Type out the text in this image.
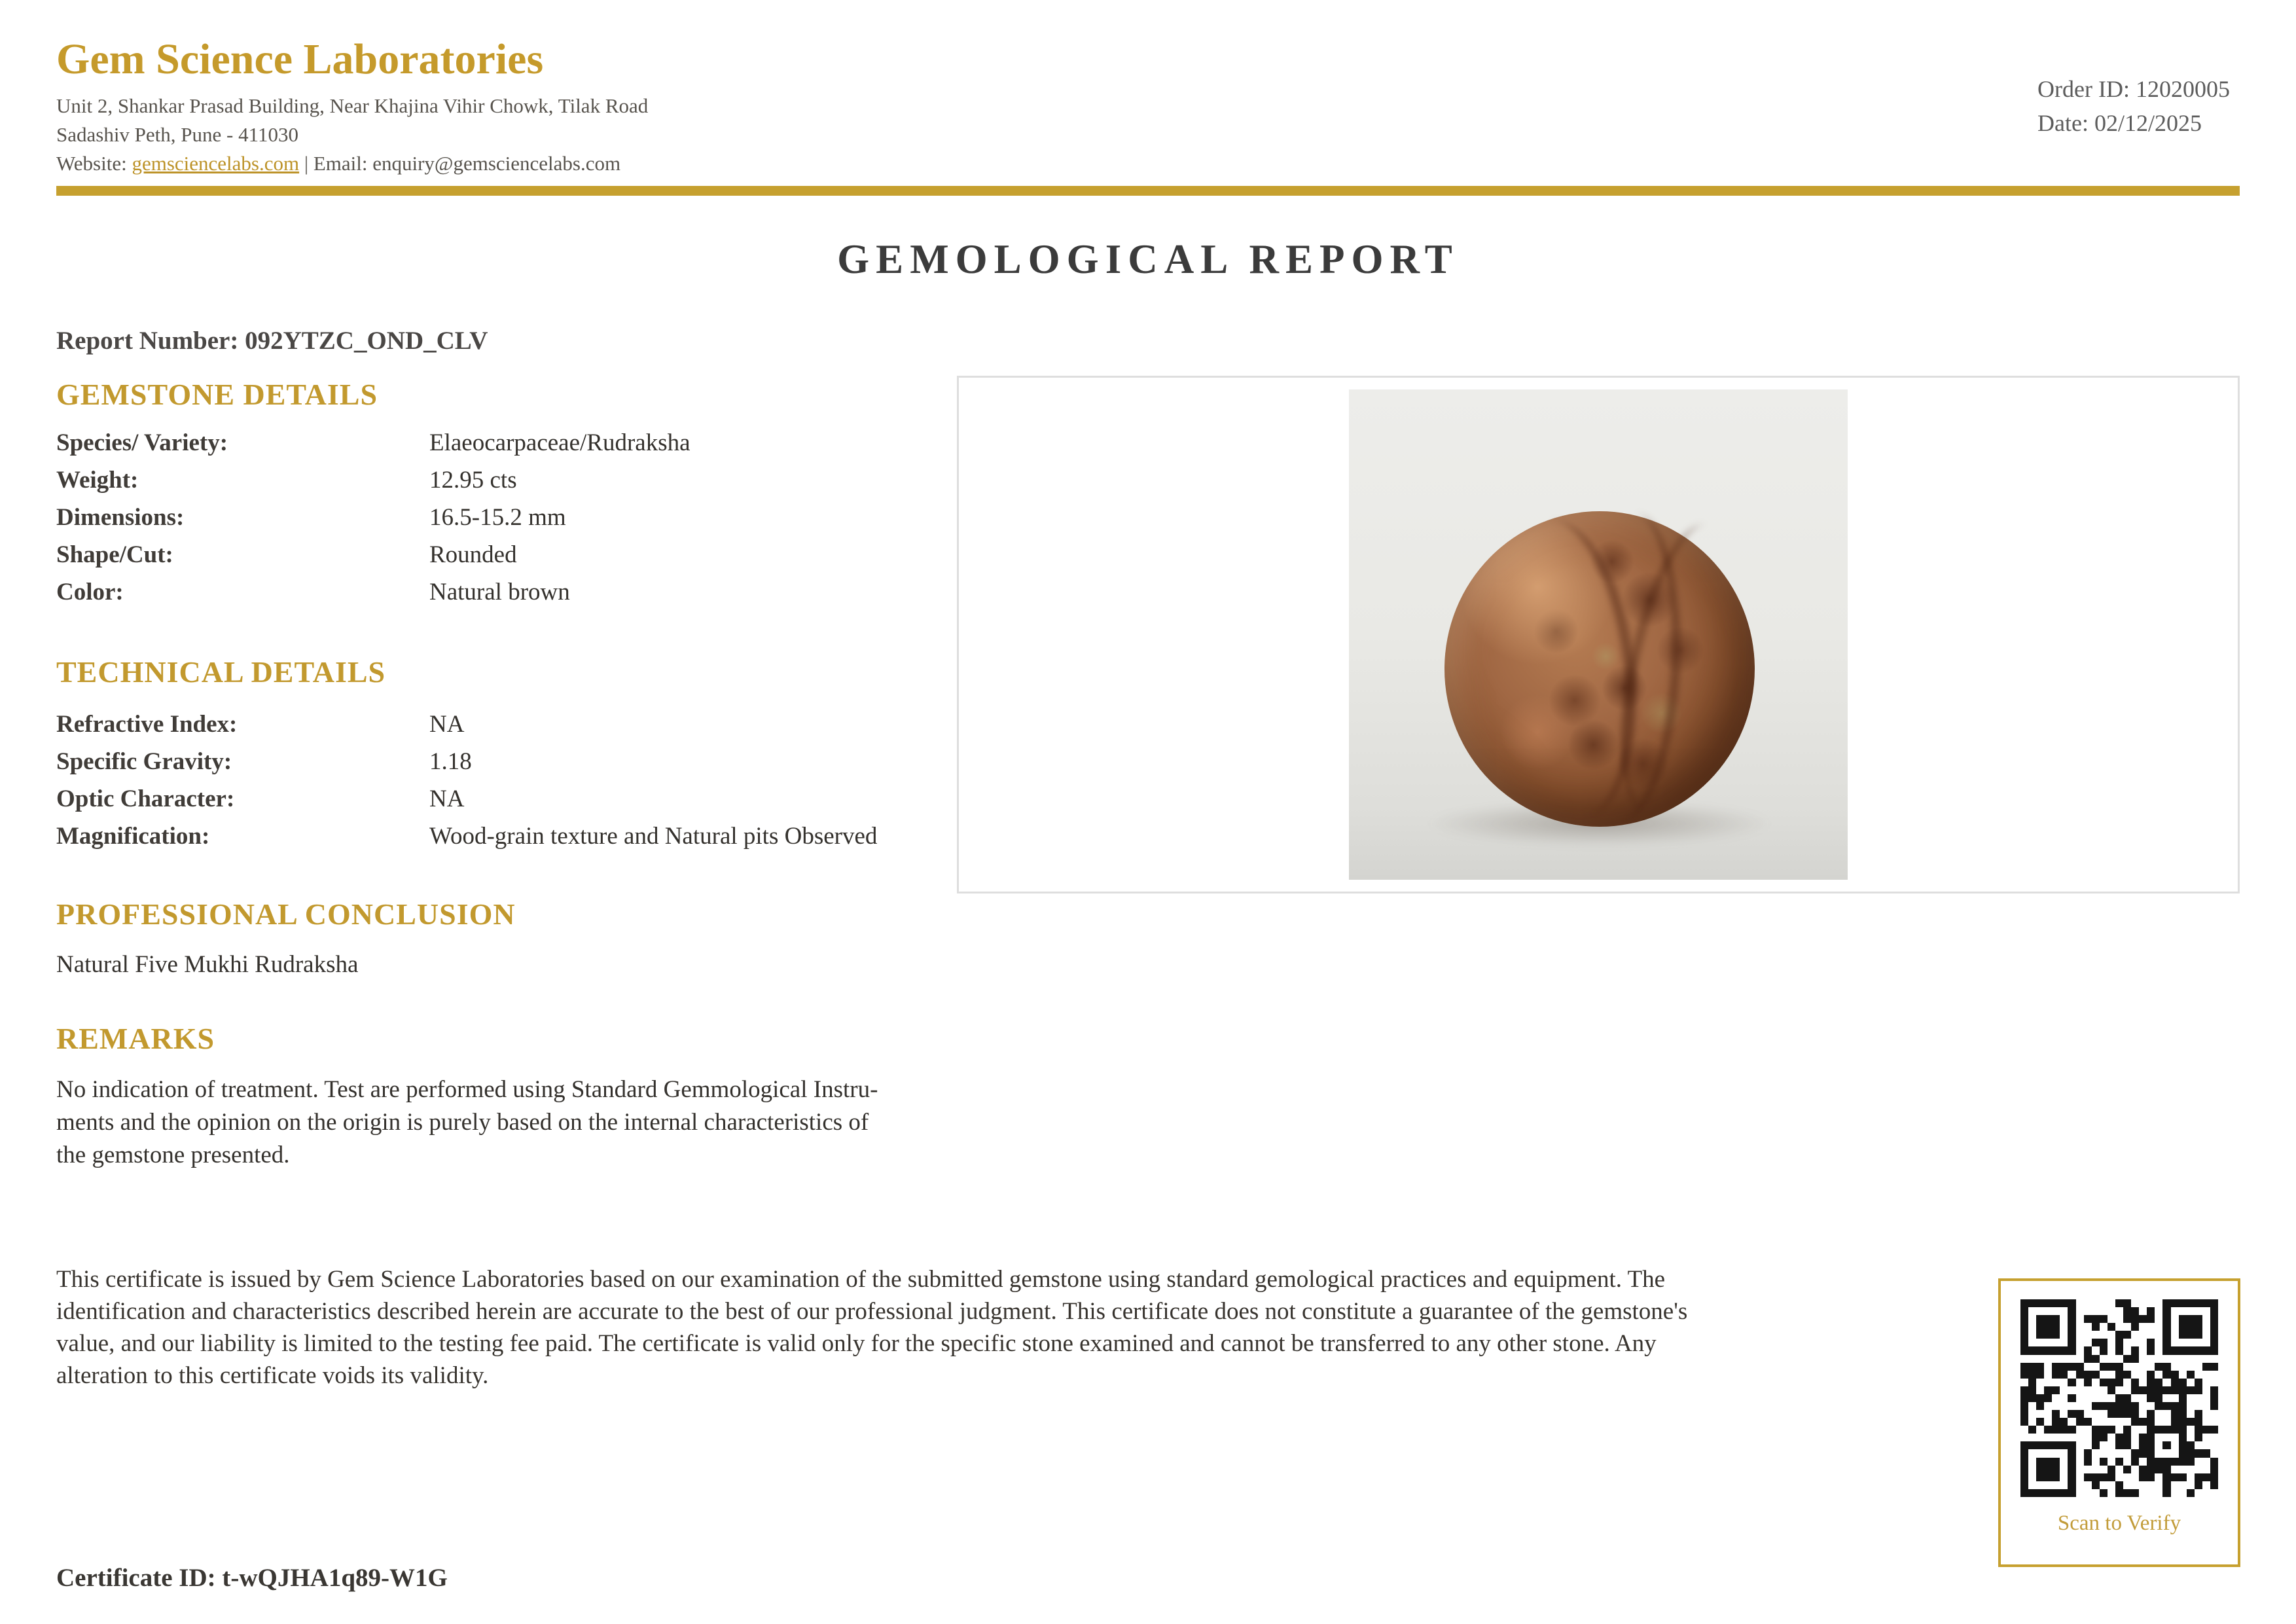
Gem Science Laboratories
Unit 2, Shankar Prasad Building, Near Khajina Vihir Chowk, Tilak Road
Sadashiv Peth, Pune - 411030
Website: gemsciencelabs.com | Email: enquiry@gemsciencelabs.com
Order ID: 12020005
Date: 02/12/2025
GEMOLOGICAL REPORT
Report Number: 092YTZC_OND_CLV
GEMSTONE DETAILS
Species/ Variety:	Elaeocarpaceae/Rudraksha
Weight:	12.95 cts
Dimensions:	16.5-15.2 mm
Shape/Cut:	Rounded
Color:	Natural brown
TECHNICAL DETAILS
Refractive Index:	NA
Specific Gravity:	1.18
Optic Character:	NA
Magnification:	Wood-grain texture and Natural pits Observed
PROFESSIONAL CONCLUSION
Natural Five Mukhi Rudraksha
REMARKS
No indication of treatment. Test are performed using Standard Gemmological Instru-
ments and the opinion on the origin is purely based on the internal characteristics of
the gemstone presented.
This certificate is issued by Gem Science Laboratories based on our examination of the submitted gemstone using standard gemological practices and equipment. The identification and characteristics described herein are accurate to the best of our professional judgment. This certificate does not constitute a guarantee of the gemstone's value, and our liability is limited to the testing fee paid. The certificate is valid only for the specific stone examined and cannot be transferred to any other stone. Any alteration to this certificate voids its validity.
Scan to Verify
Certificate ID: t-wQJHA1q89-W1G
